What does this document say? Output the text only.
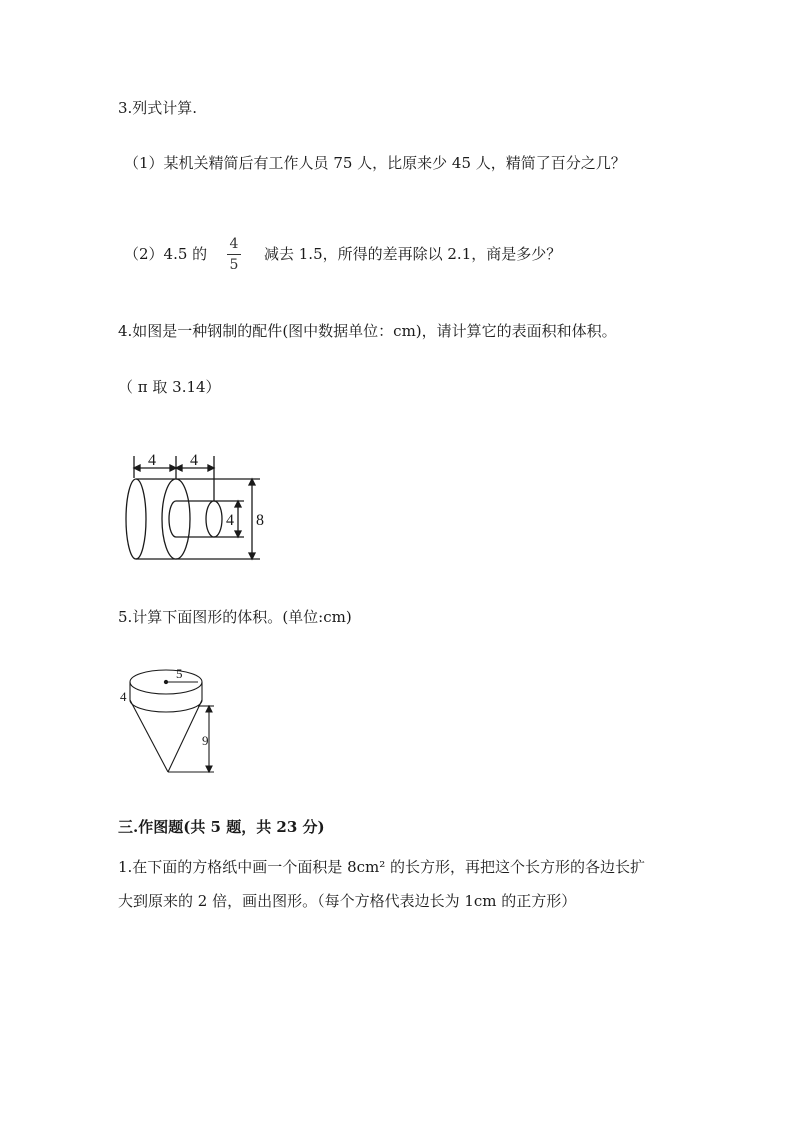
3.列式计算.
（1）某机关精简后有工作人员 75 人，比原来少 45 人，精简了百分之几？
（2）4.5 的
4
5
减去 1.5，所得的差再除以 2.1，商是多少？
4.如图是一种钢制的配件(图中数据单位：cm)，请计算它的表面积和体积。
（ π 取 3.14）
4 4
4 8
5.计算下面图形的体积。(单位:cm)
5
4
9
三.作图题(共 5 题，共 23 分)
1.在下面的方格纸中画一个面积是 8cm² 的长方形，再把这个长方形的各边长扩
大到原来的 2 倍，画出图形。（每个方格代表边长为 1cm 的正方形）
